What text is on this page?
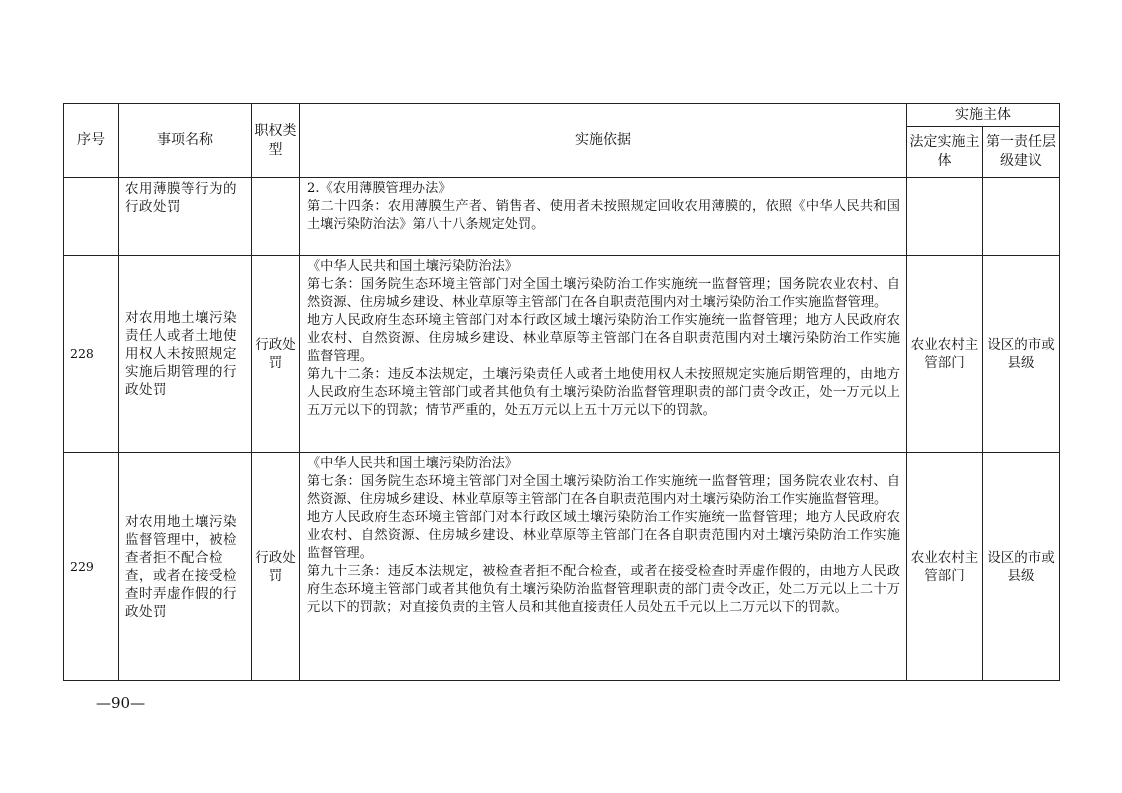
序号	事项名称	职权类型	实施依据	实施主体	
				法定实施主体	第一责任层级建议
	农用薄膜等行为的行政处罚		2.《农用薄膜管理办法》

第二十四条：农用薄膜生产者、销售者、使用者未按照规定回收农用薄膜的，依照《中华人民共和国土壤污染防治法》第八十八条规定处罚。		

228	对农用地土壤污染责任人或者土地使用权人未按照规定实施后期管理的行政处罚	行政处罚	《中华人民共和国土壤污染防治法》

第七条：国务院生态环境主管部门对全国土壤污染防治工作实施统一监督管理；国务院农业农村、自然资源、住房城乡建设、林业草原等主管部门在各自职责范围内对土壤污染防治工作实施监督管理。

地方人民政府生态环境主管部门对本行政区域土壤污染防治工作实施统一监督管理；地方人民政府农业农村、自然资源、住房城乡建设、林业草原等主管部门在各自职责范围内对土壤污染防治工作实施监督管理。

第九十二条：违反本法规定，土壤污染责任人或者土地使用权人未按照规定实施后期管理的，由地方人民政府生态环境主管部门或者其他负有土壤污染防治监督管理职责的部门责令改正，处一万元以上五万元以下的罚款；情节严重的，处五万元以上五十万元以下的罚款。	农业农村主管部门	设区的市或县级
229	对农用地土壤污染监督管理中，被检查者拒不配合检查，或者在接受检查时弄虚作假的行政处罚	行政处罚	《中华人民共和国土壤污染防治法》

第七条：国务院生态环境主管部门对全国土壤污染防治工作实施统一监督管理；国务院农业农村、自然资源、住房城乡建设、林业草原等主管部门在各自职责范围内对土壤污染防治工作实施监督管理。

地方人民政府生态环境主管部门对本行政区域土壤污染防治工作实施统一监督管理；地方人民政府农业农村、自然资源、住房城乡建设、林业草原等主管部门在各自职责范围内对土壤污染防治工作实施监督管理。

第九十三条：违反本法规定，被检查者拒不配合检查，或者在接受检查时弄虚作假的，由地方人民政府生态环境主管部门或者其他负有土壤污染防治监督管理职责的部门责令改正，处二万元以上二十万元以下的罚款；对直接负责的主管人员和其他直接责任人员处五千元以上二万元以下的罚款。	农业农村主管部门	设区的市或县级
—90—
